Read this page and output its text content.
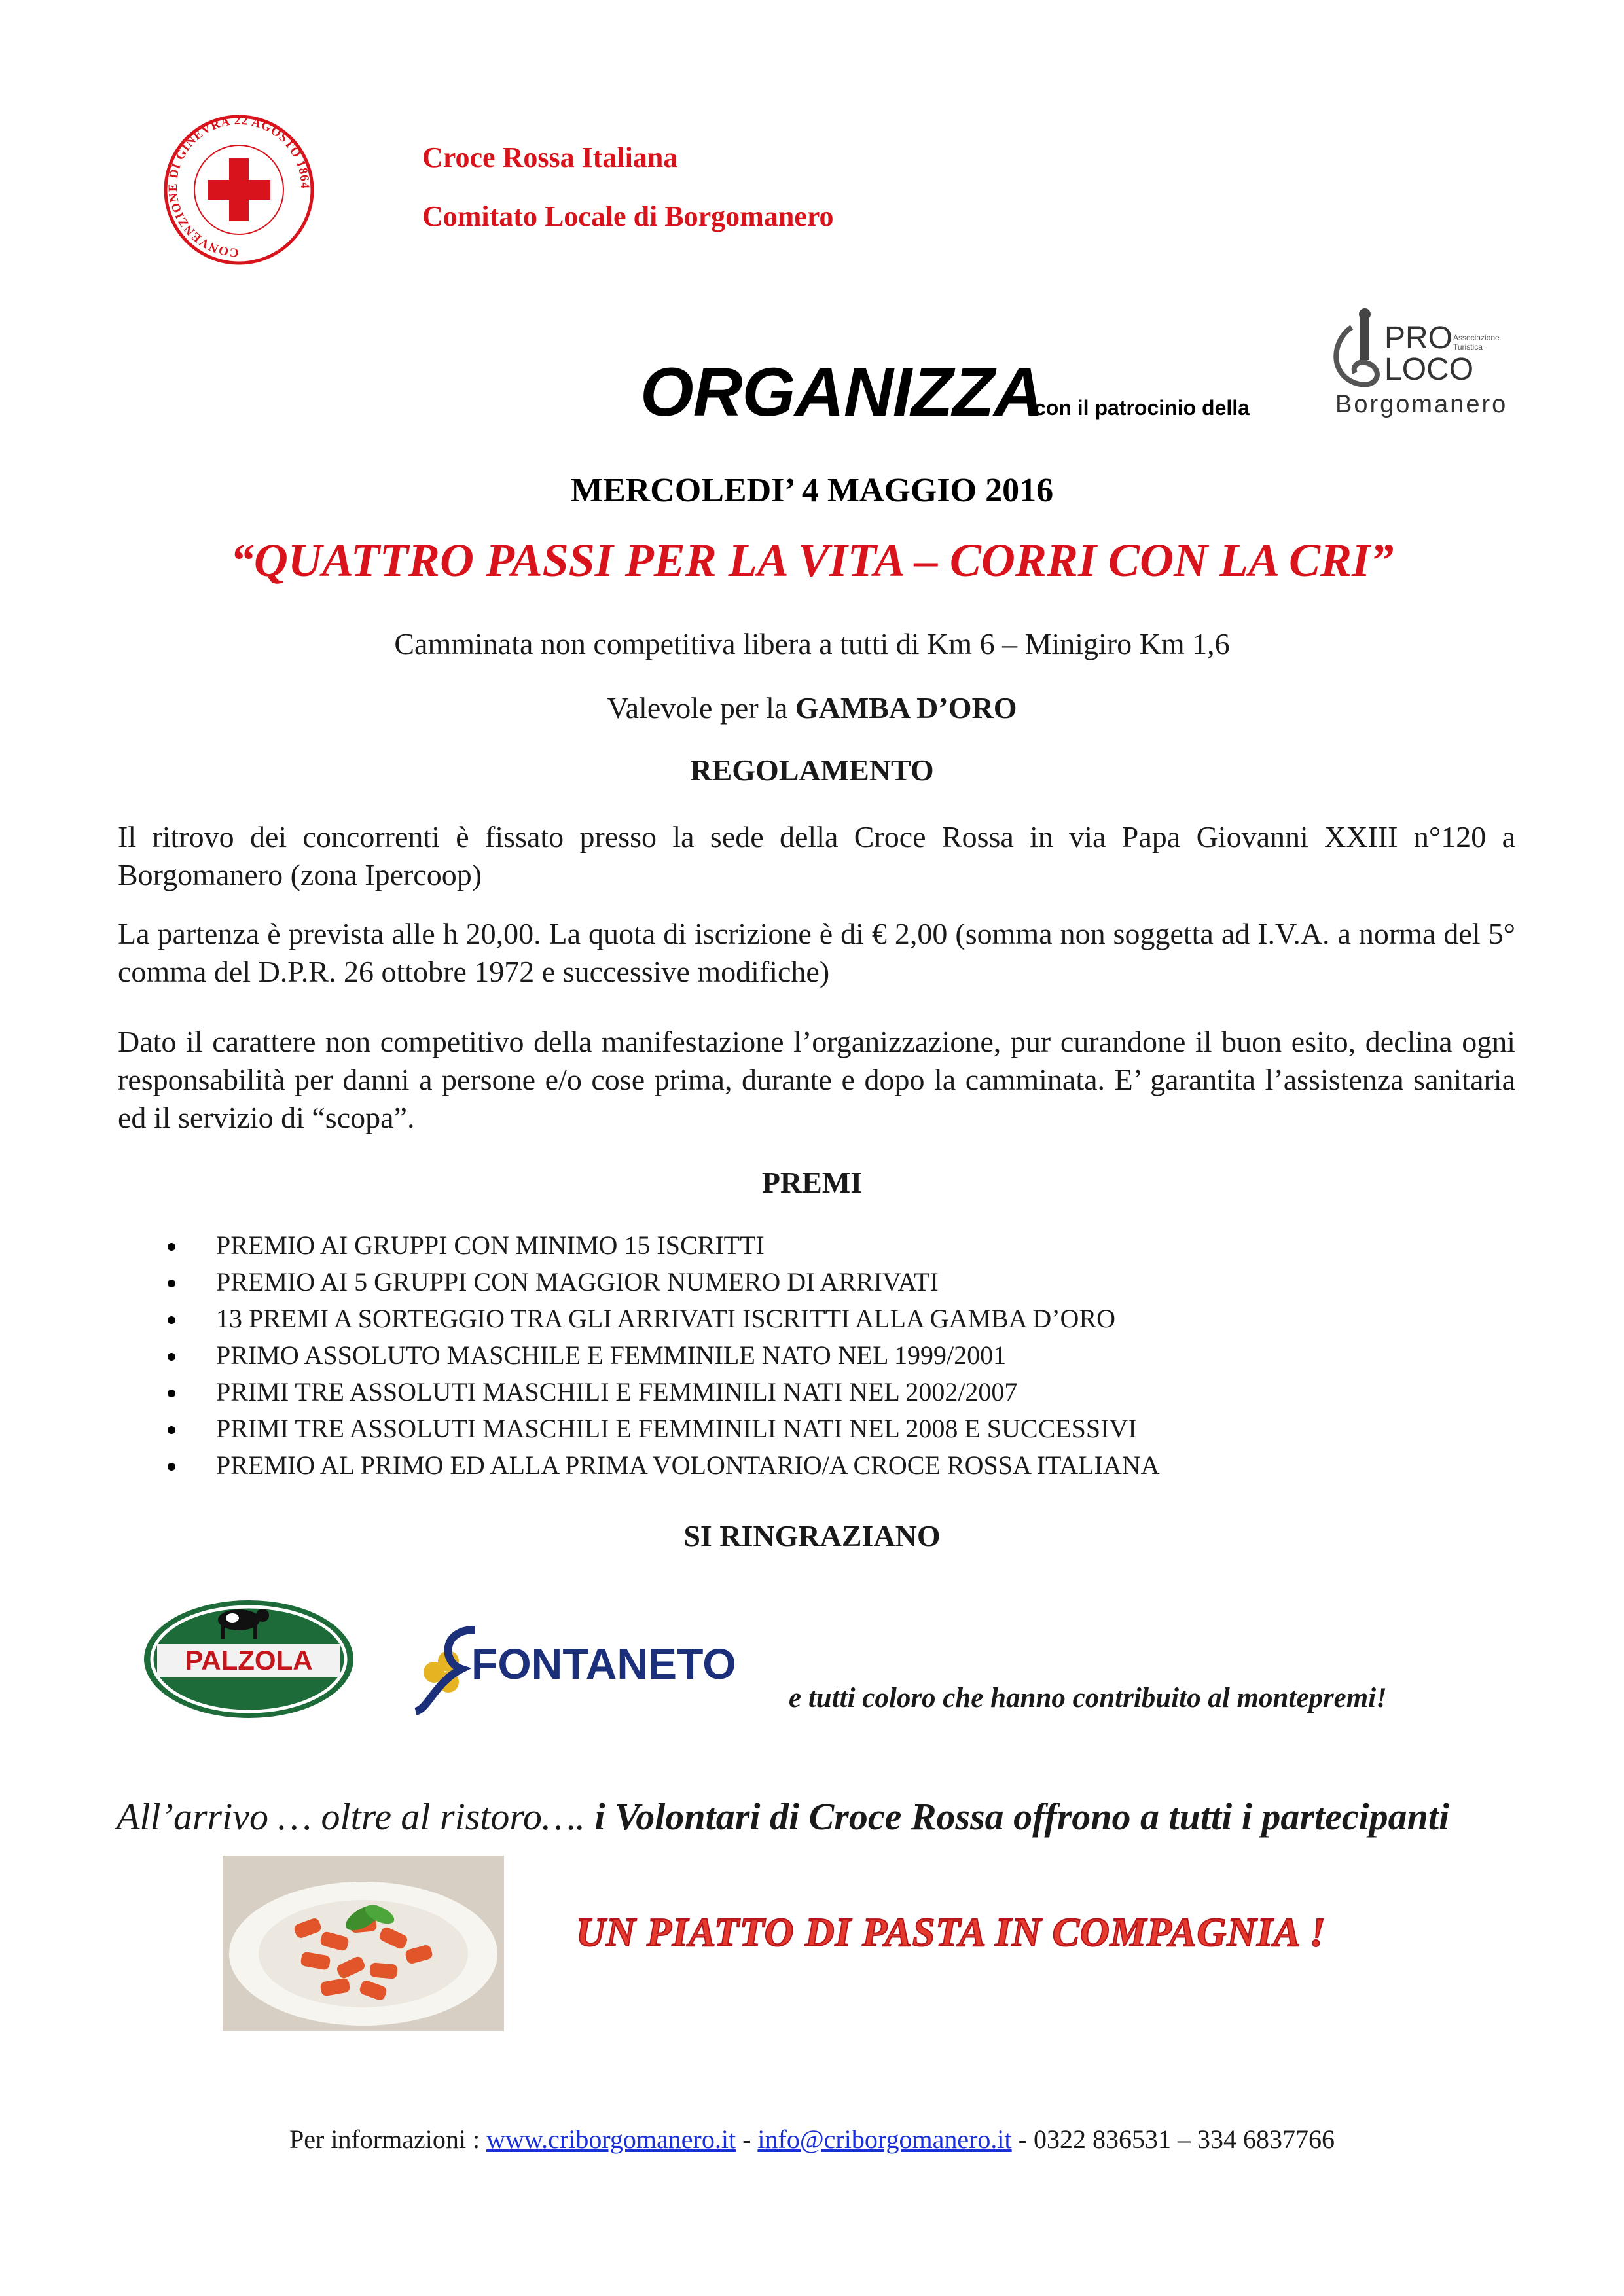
CONVENZIONE DI GINEVRA 22 AGOSTO 1864
Croce Rossa Italiana
Comitato Locale di Borgomanero
ORGANIZZA
con il patrocinio della
PRO
LOCO
Associazione
Turistica
Borgomanero
MERCOLEDI’ 4 MAGGIO 2016
“QUATTRO PASSI PER LA VITA – CORRI CON LA CRI”
Camminata non competitiva libera a tutti di Km 6 – Minigiro Km 1,6
Valevole per la GAMBA D’ORO
REGOLAMENTO
Il ritrovo dei concorrenti è fissato presso la sede della Croce Rossa in via Papa Giovanni XXIII n°120 a Borgomanero (zona Ipercoop)
La partenza è prevista alle h 20,00. La quota di iscrizione è di € 2,00 (somma non soggetta ad I.V.A. a norma del 5° comma del D.P.R. 26 ottobre 1972 e successive modifiche)
Dato il carattere non competitivo della manifestazione l’organizzazione, pur curandone il buon esito, declina ogni responsabilità per danni a persone e/o cose prima, durante e dopo la camminata. E’ garantita l’assistenza sanitaria ed il servizio di “scopa”.
PREMI
PREMIO AI GRUPPI CON MINIMO 15 ISCRITTI
PREMIO AI 5 GRUPPI CON MAGGIOR NUMERO DI ARRIVATI
13 PREMI A SORTEGGIO TRA GLI ARRIVATI ISCRITTI ALLA GAMBA D’ORO
PRIMO ASSOLUTO MASCHILE E FEMMINILE NATO NEL 1999/2001
PRIMI TRE ASSOLUTI MASCHILI E FEMMINILI NATI NEL 2002/2007
PRIMI TRE ASSOLUTI MASCHILI E FEMMINILI NATI NEL 2008 E SUCCESSIVI
PREMIO AL PRIMO ED ALLA PRIMA VOLONTARIO/A CROCE ROSSA ITALIANA
SI RINGRAZIANO
PALZOLA	FONTANETO
e tutti coloro che hanno contribuito al montepremi!
All’arrivo … oltre al ristoro…. i Volontari di Croce Rossa offrono a tutti i partecipanti
UN PIATTO DI PASTA IN COMPAGNIA !
Per informazioni : www.criborgomanero.it - info@criborgomanero.it - 0322 836531 – 334 6837766
